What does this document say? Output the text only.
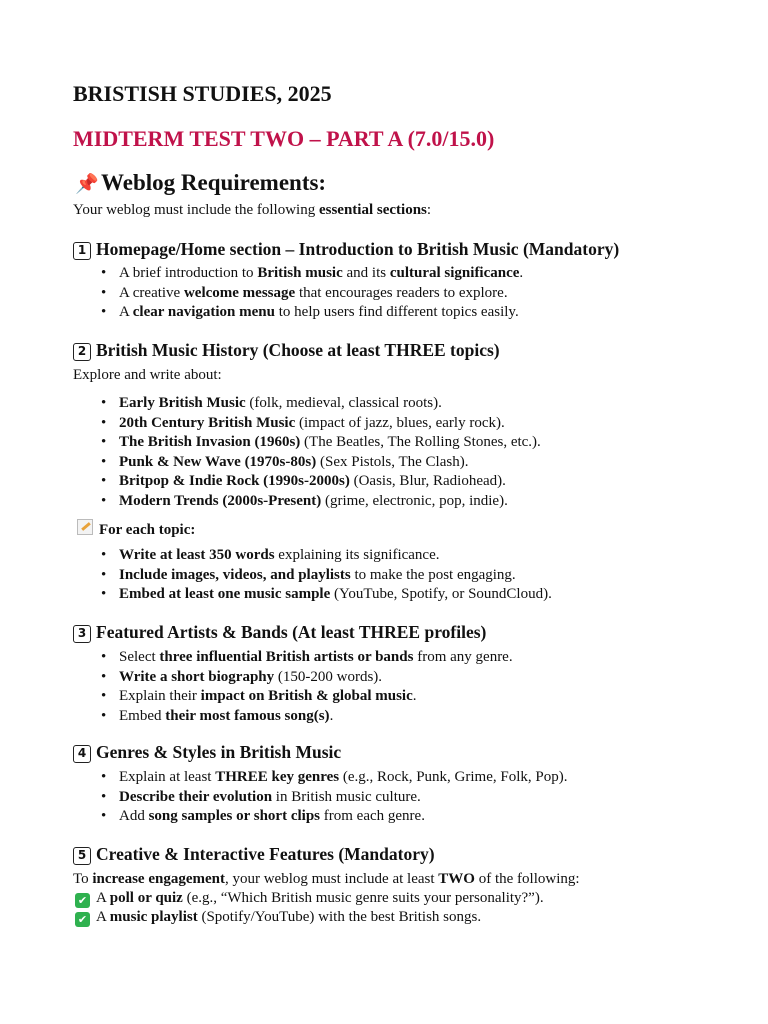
BRISTISH STUDIES, 2025
MIDTERM TEST TWO – PART A (7.0/15.0)
📌 Weblog Requirements:
Your weblog must include the following essential sections:
1 Homepage/Home section – Introduction to British Music (Mandatory)
• A brief introduction to British music and its cultural significance.
• A creative welcome message that encourages readers to explore.
• A clear navigation menu to help users find different topics easily.
2 British Music History (Choose at least THREE topics)
Explore and write about:
• Early British Music (folk, medieval, classical roots).
• 20th Century British Music (impact of jazz, blues, early rock).
• The British Invasion (1960s) (The Beatles, The Rolling Stones, etc.).
• Punk & New Wave (1970s-80s) (Sex Pistols, The Clash).
• Britpop & Indie Rock (1990s-2000s) (Oasis, Blur, Radiohead).
• Modern Trends (2000s-Present) (grime, electronic, pop, indie).
For each topic:
• Write at least 350 words explaining its significance.
• Include images, videos, and playlists to make the post engaging.
• Embed at least one music sample (YouTube, Spotify, or SoundCloud).
3 Featured Artists & Bands (At least THREE profiles)
• Select three influential British artists or bands from any genre.
• Write a short biography (150-200 words).
• Explain their impact on British & global music.
• Embed their most famous song(s).
4 Genres & Styles in British Music
• Explain at least THREE key genres (e.g., Rock, Punk, Grime, Folk, Pop).
• Describe their evolution in British music culture.
• Add song samples or short clips from each genre.
5 Creative & Interactive Features (Mandatory)
To increase engagement, your weblog must include at least TWO of the following:
✔ A poll or quiz (e.g., “Which British music genre suits your personality?”).
✔ A music playlist (Spotify/YouTube) with the best British songs.
